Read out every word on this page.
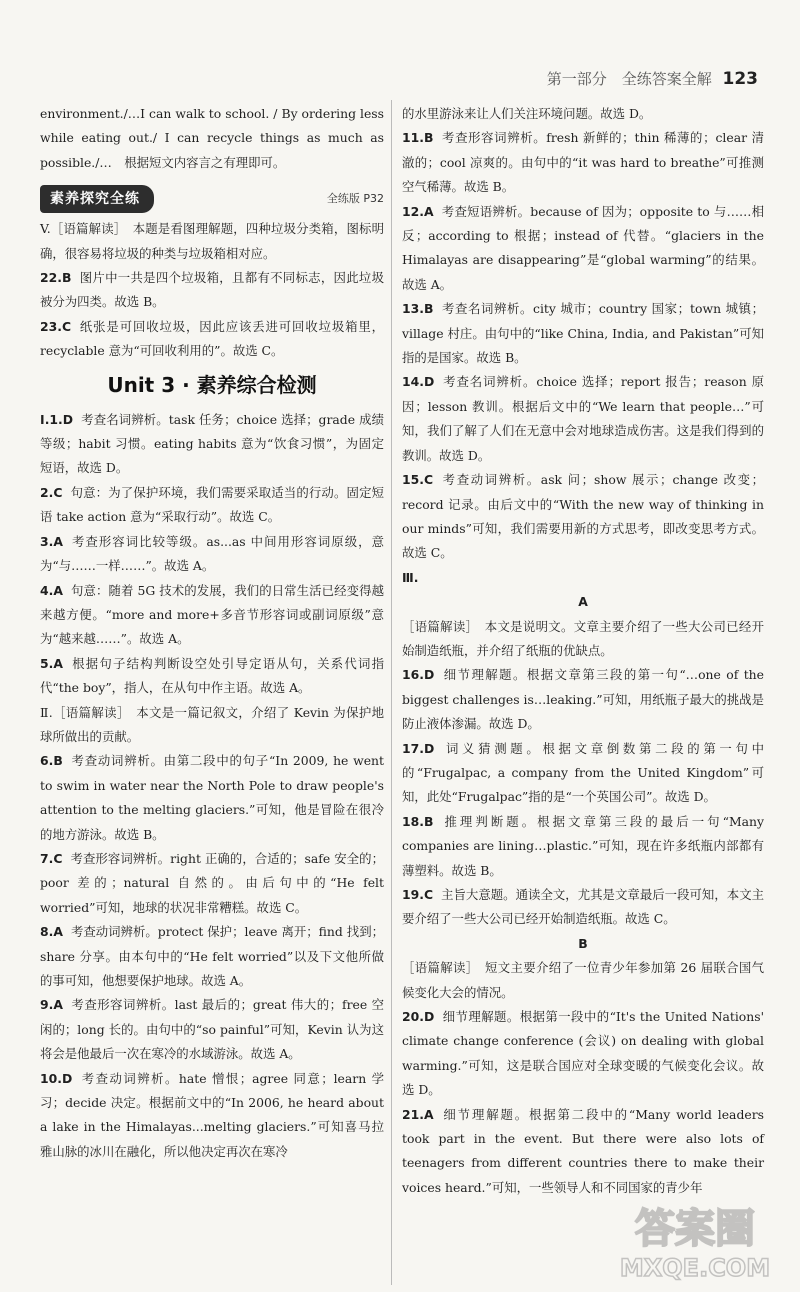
第一部分　全练答案全解 123

environment./…I can walk to school. / By ordering less while eating out./ I can recycle things as much as possible./…　根据短文内容言之有理即可。

素养探究全练	全练版 P32

V.［语篇解读］　本题是看图理解题，四种垃圾分类箱，图标明确，很容易将垃圾的种类与垃圾箱相对应。

22.B 图片中一共是四个垃圾箱，且都有不同标志，因此垃圾被分为四类。故选 B。

23.C 纸张是可回收垃圾，因此应该丢进可回收垃圾箱里，recyclable 意为“可回收利用的”。故选 C。

Unit 3 · 素养综合检测

Ⅰ.1.D 考查名词辨析。task 任务；choice 选择；grade 成绩等级；habit 习惯。eating habits 意为“饮食习惯”，为固定短语，故选 D。

2.C 句意：为了保护环境，我们需要采取适当的行动。固定短语 take action 意为“采取行动”。故选 C。

3.A 考查形容词比较等级。as...as 中间用形容词原级，意为“与……一样……”。故选 A。

4.A 句意：随着 5G 技术的发展，我们的日常生活已经变得越来越方便。“more and more+多音节形容词或副词原级”意为“越来越……”。故选 A。

5.A 根据句子结构判断设空处引导定语从句，关系代词指代“the boy”，指人，在从句中作主语。故选 A。

Ⅱ.［语篇解读］　本文是一篇记叙文，介绍了 Kevin 为保护地球所做出的贡献。

6.B 考查动词辨析。由第二段中的句子“In 2009, he went to swim in water near the North Pole to draw people's attention to the melting glaciers.”可知，他是冒险在很冷的地方游泳。故选 B。

7.C 考查形容词辨析。right 正确的，合适的；safe 安全的；poor 差的；natural 自然的。由后句中的“He felt worried”可知，地球的状况非常糟糕。故选 C。

8.A 考查动词辨析。protect 保护；leave 离开；find 找到；share 分享。由本句中的“He felt worried”以及下文他所做的事可知，他想要保护地球。故选 A。

9.A 考查形容词辨析。last 最后的；great 伟大的；free 空闲的；long 长的。由句中的“so painful”可知，Kevin 认为这将会是他最后一次在寒冷的水域游泳。故选 A。

10.D 考查动词辨析。hate 憎恨；agree 同意；learn 学习；decide 决定。根据前文中的“In 2006, he heard about a lake in the Himalayas...melting glaciers.”可知喜马拉雅山脉的冰川在融化，所以他决定再次在寒冷

的水里游泳来让人们关注环境问题。故选 D。

11.B 考查形容词辨析。fresh 新鲜的；thin 稀薄的；clear 清澈的；cool 凉爽的。由句中的“it was hard to breathe”可推测空气稀薄。故选 B。

12.A 考查短语辨析。because of 因为；opposite to 与……相反；according to 根据；instead of 代替。“glaciers in the Himalayas are disappearing”是“global warming”的结果。故选 A。

13.B 考查名词辨析。city 城市；country 国家；town 城镇；village 村庄。由句中的“like China, India, and Pakistan”可知指的是国家。故选 B。

14.D 考查名词辨析。choice 选择；report 报告；reason 原因；lesson 教训。根据后文中的“We learn that people…”可知，我们了解了人们在无意中会对地球造成伤害。这是我们得到的教训。故选 D。

15.C 考查动词辨析。ask 问；show 展示；change 改变；record 记录。由后文中的“With the new way of thinking in our minds”可知，我们需要用新的方式思考，即改变思考方式。故选 C。

Ⅲ.

A

［语篇解读］　本文是说明文。文章主要介绍了一些大公司已经开始制造纸瓶，并介绍了纸瓶的优缺点。

16.D 细节理解题。根据文章第三段的第一句“…one of the biggest challenges is…leaking.”可知，用纸瓶子最大的挑战是防止液体渗漏。故选 D。

17.D 词义猜测题。根据文章倒数第二段的第一句中的“Frugalpac, a company from the United Kingdom”可知，此处“Frugalpac”指的是“一个英国公司”。故选 D。

18.B 推理判断题。根据文章第三段的最后一句“Many companies are lining…plastic.”可知，现在许多纸瓶内部都有薄塑料。故选 B。

19.C 主旨大意题。通读全文，尤其是文章最后一段可知，本文主要介绍了一些大公司已经开始制造纸瓶。故选 C。

B

［语篇解读］　短文主要介绍了一位青少年参加第 26 届联合国气候变化大会的情况。

20.D 细节理解题。根据第一段中的“It's the United Nations' climate change conference (会议) on dealing with global warming.”可知，这是联合国应对全球变暖的气候变化会议。故选 D。

21.A 细节理解题。根据第二段中的“Many world leaders took part in the event. But there were also lots of teenagers from different countries there to make their voices heard.”可知，一些领导人和不同国家的青少年

答案圈
MXQE.COM
